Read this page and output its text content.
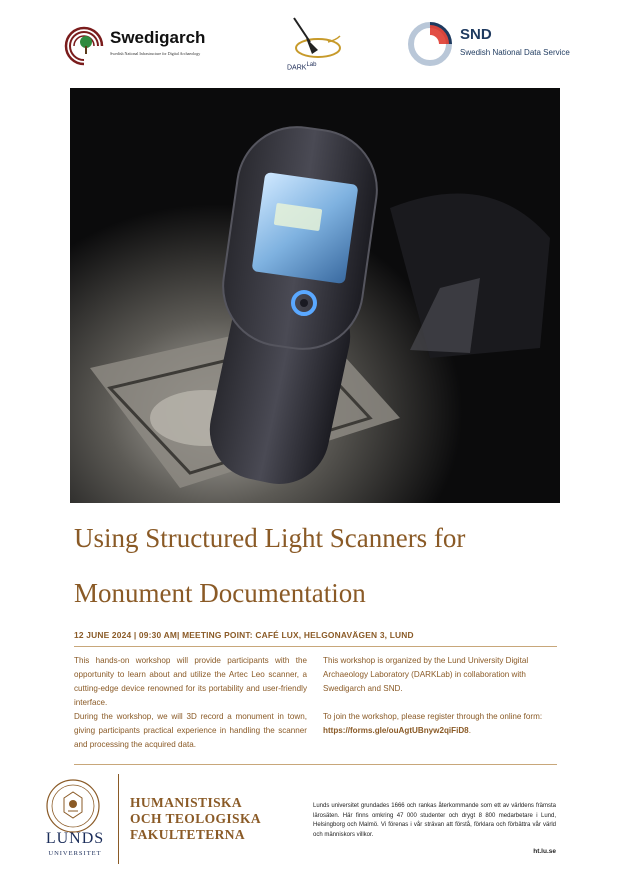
Swedigarch
Swedish National Infrastructure for Digital Archaeology
$DARK^{Lab}$
SND
Swedish National Data Service
Using Structured Light Scanners for
Monument Documentation
12 JUNE 2024 | 09:30 AM| MEETING POINT: CAFÉ LUX, HELGONAVÄGEN 3, LUND

This hands-on workshop will provide participants with the opportunity to learn about and utilize the Artec Leo scanner, a cutting-edge device renowned for its portability and user-friendly interface.

During the workshop, we will 3D record a monument in town, giving participants practical experience in handling the scanner and processing the acquired data.

This workshop is organized by the Lund University Digital Archaeology Laboratory (DARKLab) in collaboration with Swedigarch and SND.

To join the workshop, please register through the online form: https://forms.gle/ouAgtUBnyw2qiFiD8.

LUNDS
UNIVERSITET
HUMANISTISKA
OCH TEOLOGISKA
FAKULTETERNA
Lunds universitet grundades 1666 och rankas återkommande som ett av världens främsta lärosäten. Här finns omkring 47 000 studenter och drygt 8 800 medarbetare i Lund, Helsingborg och Malmö. Vi förenas i vår strävan att förstå, förklara och förbättra vår värld och människors villkor.
ht.lu.se
